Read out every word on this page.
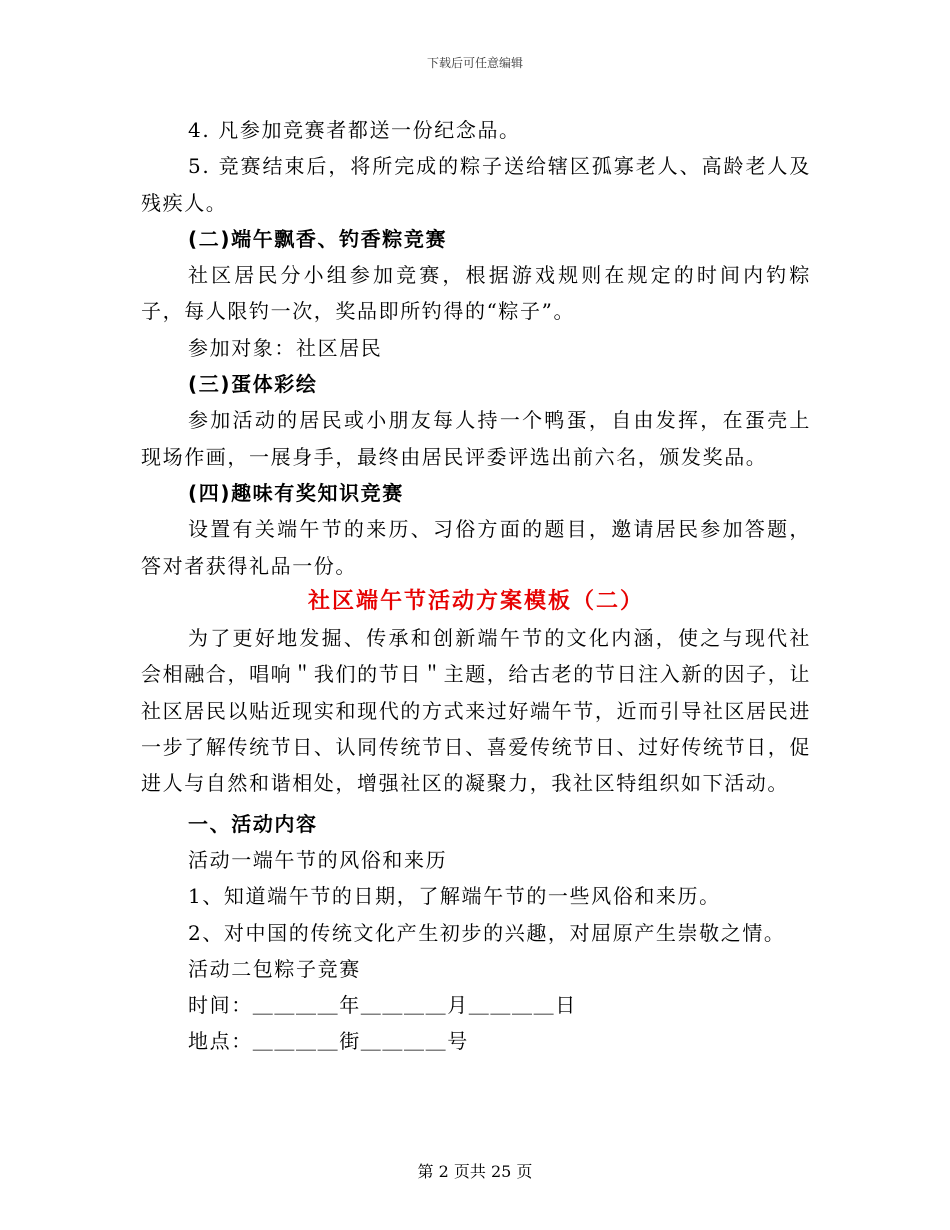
下载后可任意编辑

4. 凡参加竞赛者都送一份纪念品。

5. 竞赛结束后，将所完成的粽子送给辖区孤寡老人、高龄老人及残疾人。

(二)端午飘香、钓香粽竞赛

社区居民分小组参加竞赛，根据游戏规则在规定的时间内钓粽子，每人限钓一次，奖品即所钓得的“粽子”。

参加对象：社区居民

(三)蛋体彩绘

参加活动的居民或小朋友每人持一个鸭蛋，自由发挥，在蛋壳上现场作画，一展身手，最终由居民评委评选出前六名，颁发奖品。

(四)趣味有奖知识竞赛

设置有关端午节的来历、习俗方面的题目，邀请居民参加答题，答对者获得礼品一份。

社区端午节活动方案模板（二）

为了更好地发掘、传承和创新端午节的文化内涵，使之与现代社会相融合，唱响＂我们的节日＂主题，给古老的节日注入新的因子，让社区居民以贴近现实和现代的方式来过好端午节，近而引导社区居民进一步了解传统节日、认同传统节日、喜爱传统节日、过好传统节日，促进人与自然和谐相处，增强社区的凝聚力，我社区特组织如下活动。

一、活动内容

活动一端午节的风俗和来历

1、知道端午节的日期，了解端午节的一些风俗和来历。

2、对中国的传统文化产生初步的兴趣，对屈原产生崇敬之情。

活动二包粽子竞赛

时间：＿＿＿＿年＿＿＿＿月＿＿＿＿日

地点：＿＿＿＿街＿＿＿＿号

第 2 页共 25 页
